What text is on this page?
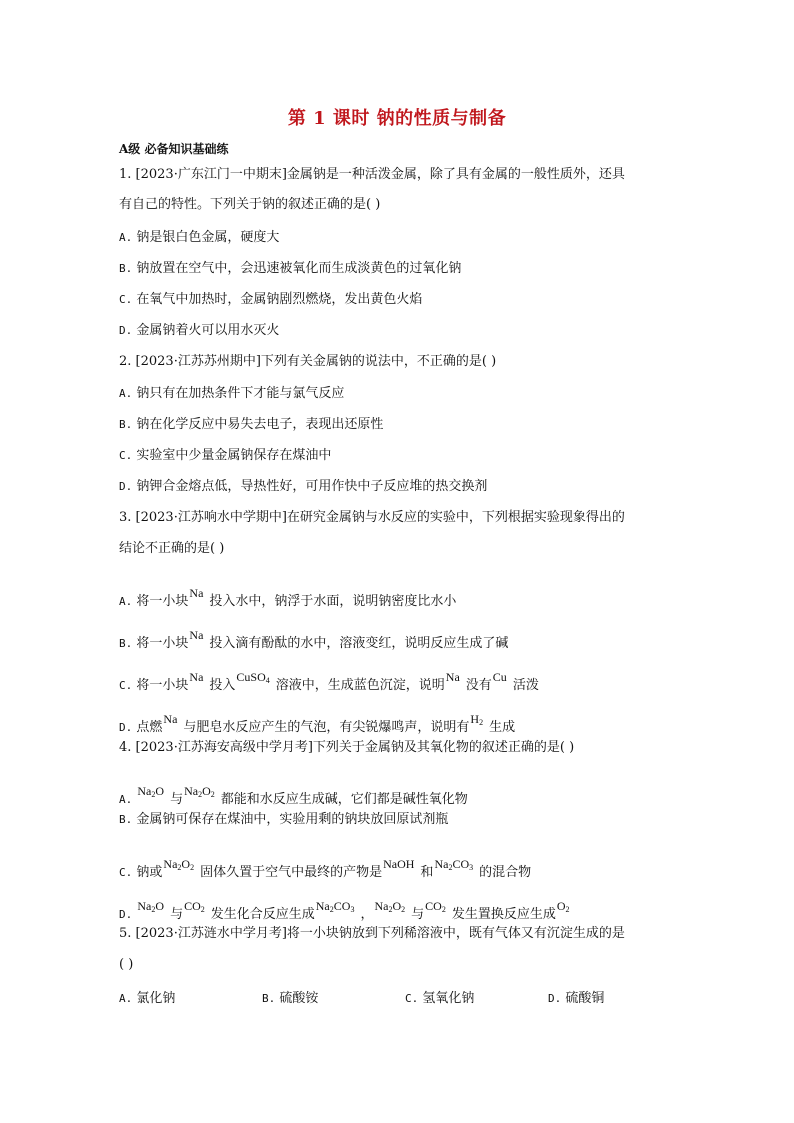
第 1 课时 钠的性质与制备
A级 必备知识基础练
1. [2023·广东江门一中期末]金属钠是一种活泼金属，除了具有金属的一般性质外，还具
有自己的特性。下列关于钠的叙述正确的是( )
A. 钠是银白色金属，硬度大
B. 钠放置在空气中，会迅速被氧化而生成淡黄色的过氧化钠
C. 在氧气中加热时，金属钠剧烈燃烧，发出黄色火焰
D. 金属钠着火可以用水灭火
2. [2023·江苏苏州期中]下列有关金属钠的说法中，不正确的是( )
A. 钠只有在加热条件下才能与氯气反应
B. 钠在化学反应中易失去电子，表现出还原性
C. 实验室中少量金属钠保存在煤油中
D. 钠钾合金熔点低，导热性好，可用作快中子反应堆的热交换剂
3. [2023·江苏响水中学期中]在研究金属钠与水反应的实验中，下列根据实验现象得出的
结论不正确的是( )
A. 将一小块Na投入水中，钠浮于水面，说明钠密度比水小
B. 将一小块Na投入滴有酚酞的水中，溶液变红，说明反应生成了碱
C. 将一小块Na投入CuSO$_4$ 溶液中，生成蓝色沉淀，说明Na没有Cu活泼
D. 点燃Na与肥皂水反应产生的气泡，有尖锐爆鸣声，说明有$H_2$ 生成
4. [2023·江苏海安高级中学月考]下列关于金属钠及其氧化物的叙述正确的是( )
A. $Na_2O$与$Na_2O_2$ 都能和水反应生成碱，它们都是碱性氧化物
B. 金属钠可保存在煤油中，实验用剩的钠块放回原试剂瓶
C. 钠或$Na_2O_2$ 固体久置于空气中最终的产物是NaOH和$Na_2CO_3$ 的混合物
D. $Na_2O$与$CO_2$ 发生化合反应生成$Na_2CO_3$ ，$Na_2O_2$ 与$CO_2$ 发生置换反应生成$O_2$
5. [2023·江苏涟水中学月考]将一小块钠放到下列稀溶液中，既有气体又有沉淀生成的是
( )
A. 氯化钠	B. 硫酸铵	C. 氢氧化钠	D. 硫酸铜
